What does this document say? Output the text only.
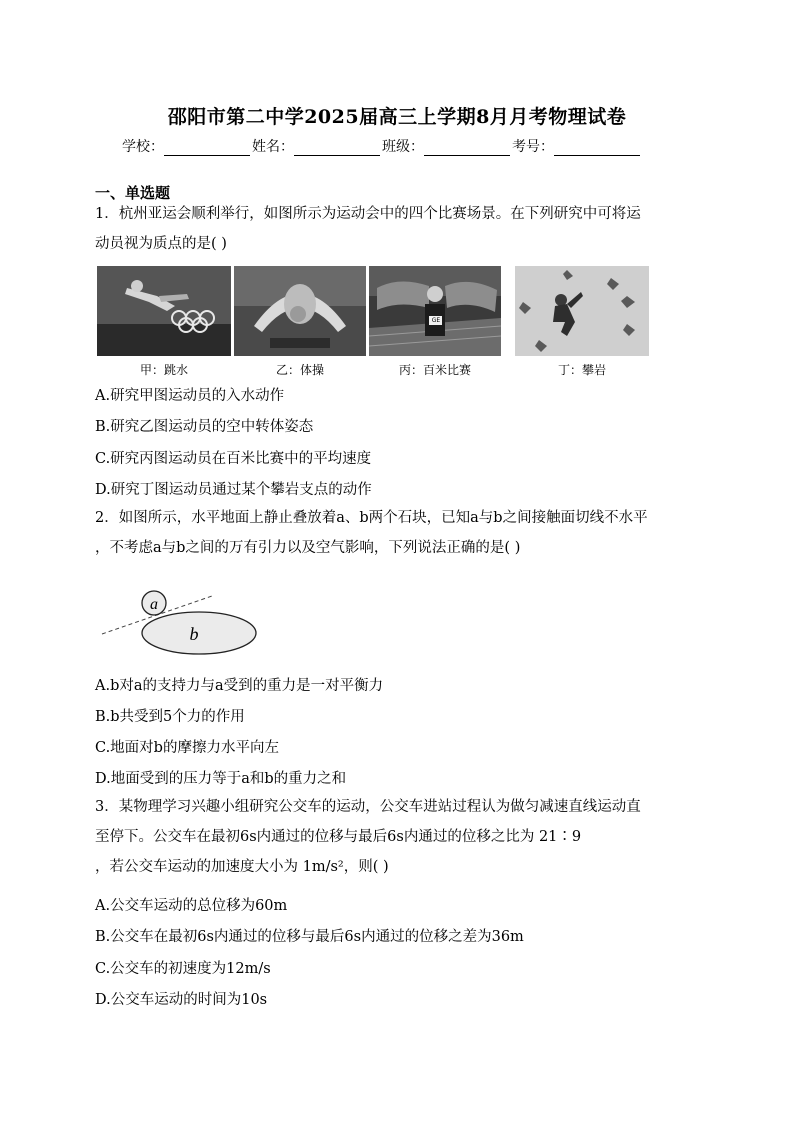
邵阳市第二中学2025届高三上学期8月月考物理试卷
学校：	姓名：	班级：	考号：
一、单选题
1．杭州亚运会顺利举行，如图所示为运动会中的四个比赛场景。在下列研究中可将运
动员视为质点的是( )
甲：跳水	乙：体操
GE
丙：百米比赛	丁：攀岩
A.研究甲图运动员的入水动作
B.研究乙图运动员的空中转体姿态
C.研究丙图运动员在百米比赛中的平均速度
D.研究丁图运动员通过某个攀岩支点的动作
2．如图所示，水平地面上静止叠放着a、b两个石块，已知a与b之间接触面切线不水平
，不考虑a与b之间的万有引力以及空气影响，下列说法正确的是( )
a
b
A.b对a的支持力与a受到的重力是一对平衡力
B.b共受到5个力的作用
C.地面对b的摩擦力水平向左
D.地面受到的压力等于a和b的重力之和
3．某物理学习兴趣小组研究公交车的运动，公交车进站过程认为做匀减速直线运动直
至停下。公交车在最初6s内通过的位移与最后6s内通过的位移之比为 21∶9
，若公交车运动的加速度大小为 1m/s²，则( )
A.公交车运动的总位移为60m
B.公交车在最初6s内通过的位移与最后6s内通过的位移之差为36m
C.公交车的初速度为12m/s
D.公交车运动的时间为10s
